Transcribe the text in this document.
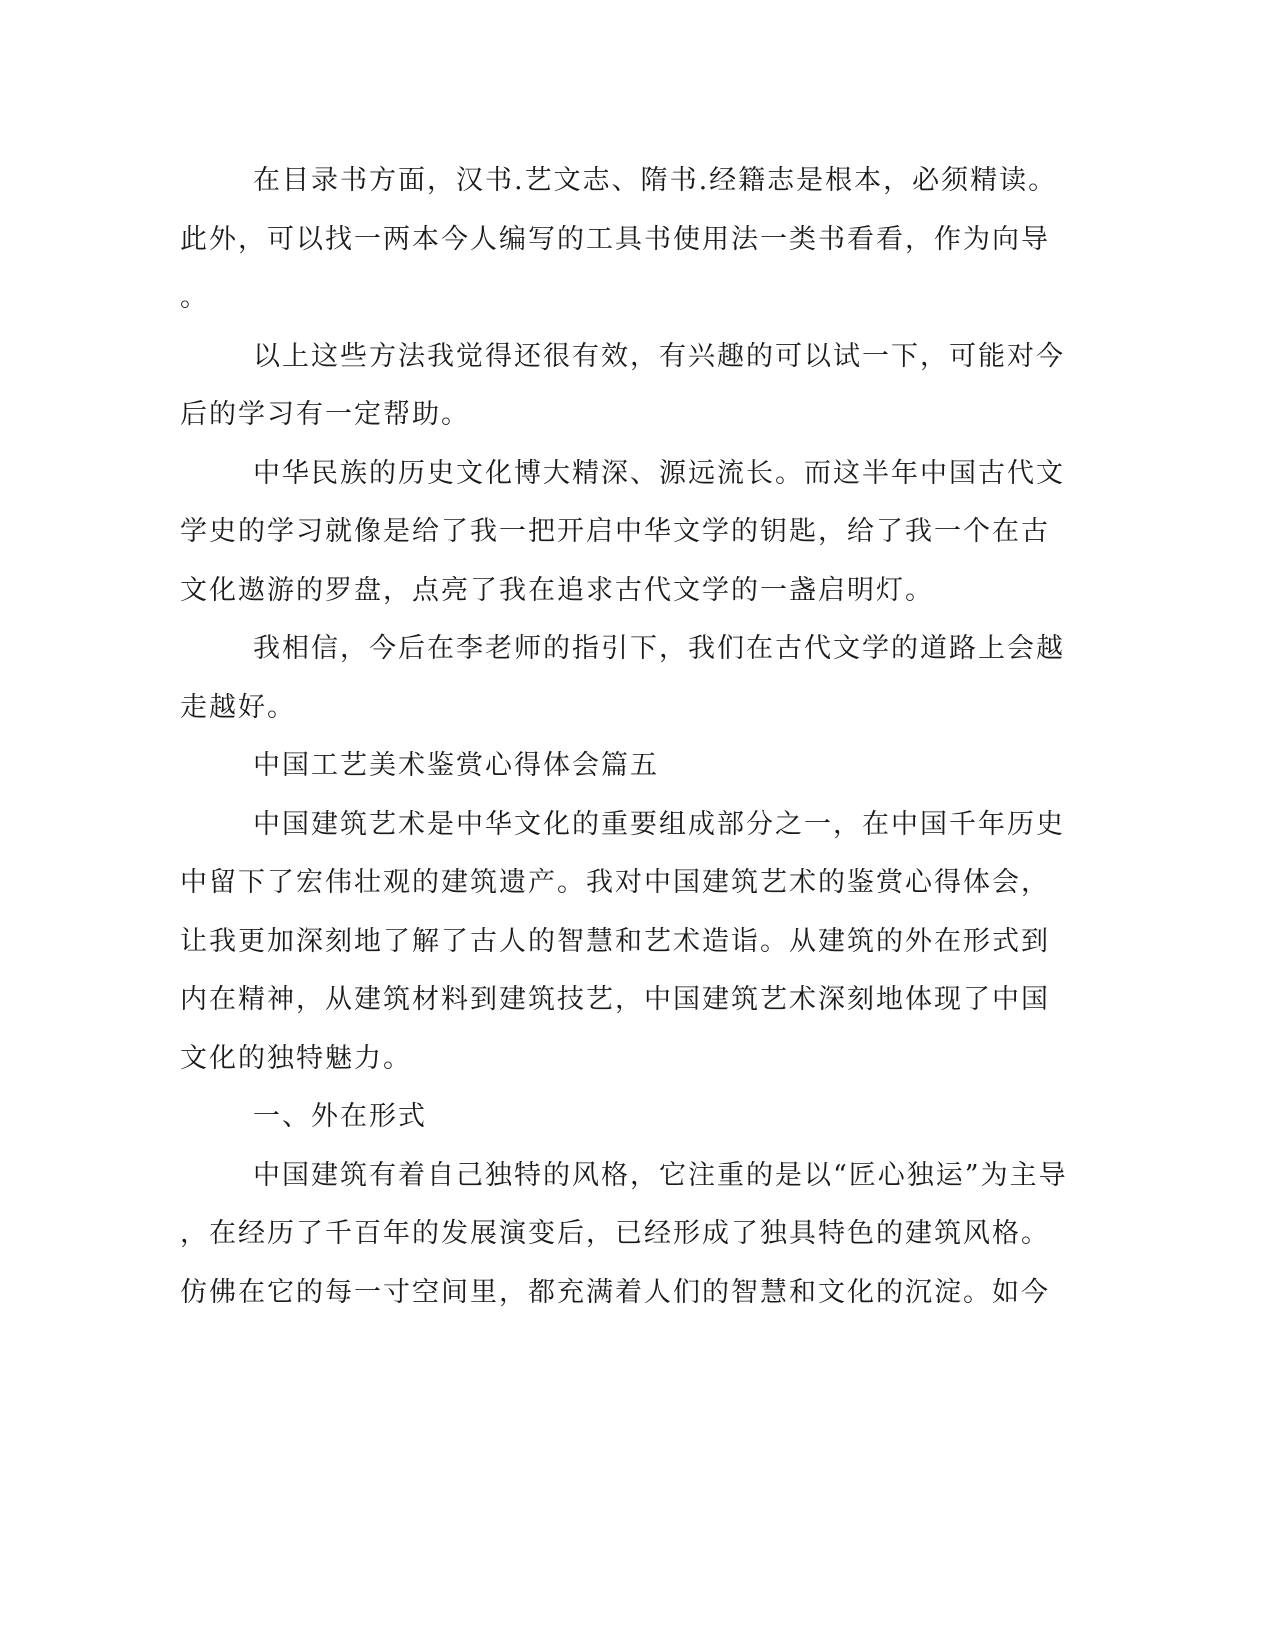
在目录书方面，汉书.艺文志、隋书.经籍志是根本，必须精读。
此外，可以找一两本今人编写的工具书使用法一类书看看，作为向导
。
以上这些方法我觉得还很有效，有兴趣的可以试一下，可能对今
后的学习有一定帮助。
中华民族的历史文化博大精深、源远流长。而这半年中国古代文
学史的学习就像是给了我一把开启中华文学的钥匙，给了我一个在古
文化遨游的罗盘，点亮了我在追求古代文学的一盏启明灯。
我相信，今后在李老师的指引下，我们在古代文学的道路上会越
走越好。
中国工艺美术鉴赏心得体会篇五
中国建筑艺术是中华文化的重要组成部分之一，在中国千年历史
中留下了宏伟壮观的建筑遗产。我对中国建筑艺术的鉴赏心得体会，
让我更加深刻地了解了古人的智慧和艺术造诣。从建筑的外在形式到
内在精神，从建筑材料到建筑技艺，中国建筑艺术深刻地体现了中国
文化的独特魅力。
一、外在形式
中国建筑有着自己独特的风格，它注重的是以“匠心独运”为主导
，在经历了千百年的发展演变后，已经形成了独具特色的建筑风格。
仿佛在它的每一寸空间里，都充满着人们的智慧和文化的沉淀。如今
